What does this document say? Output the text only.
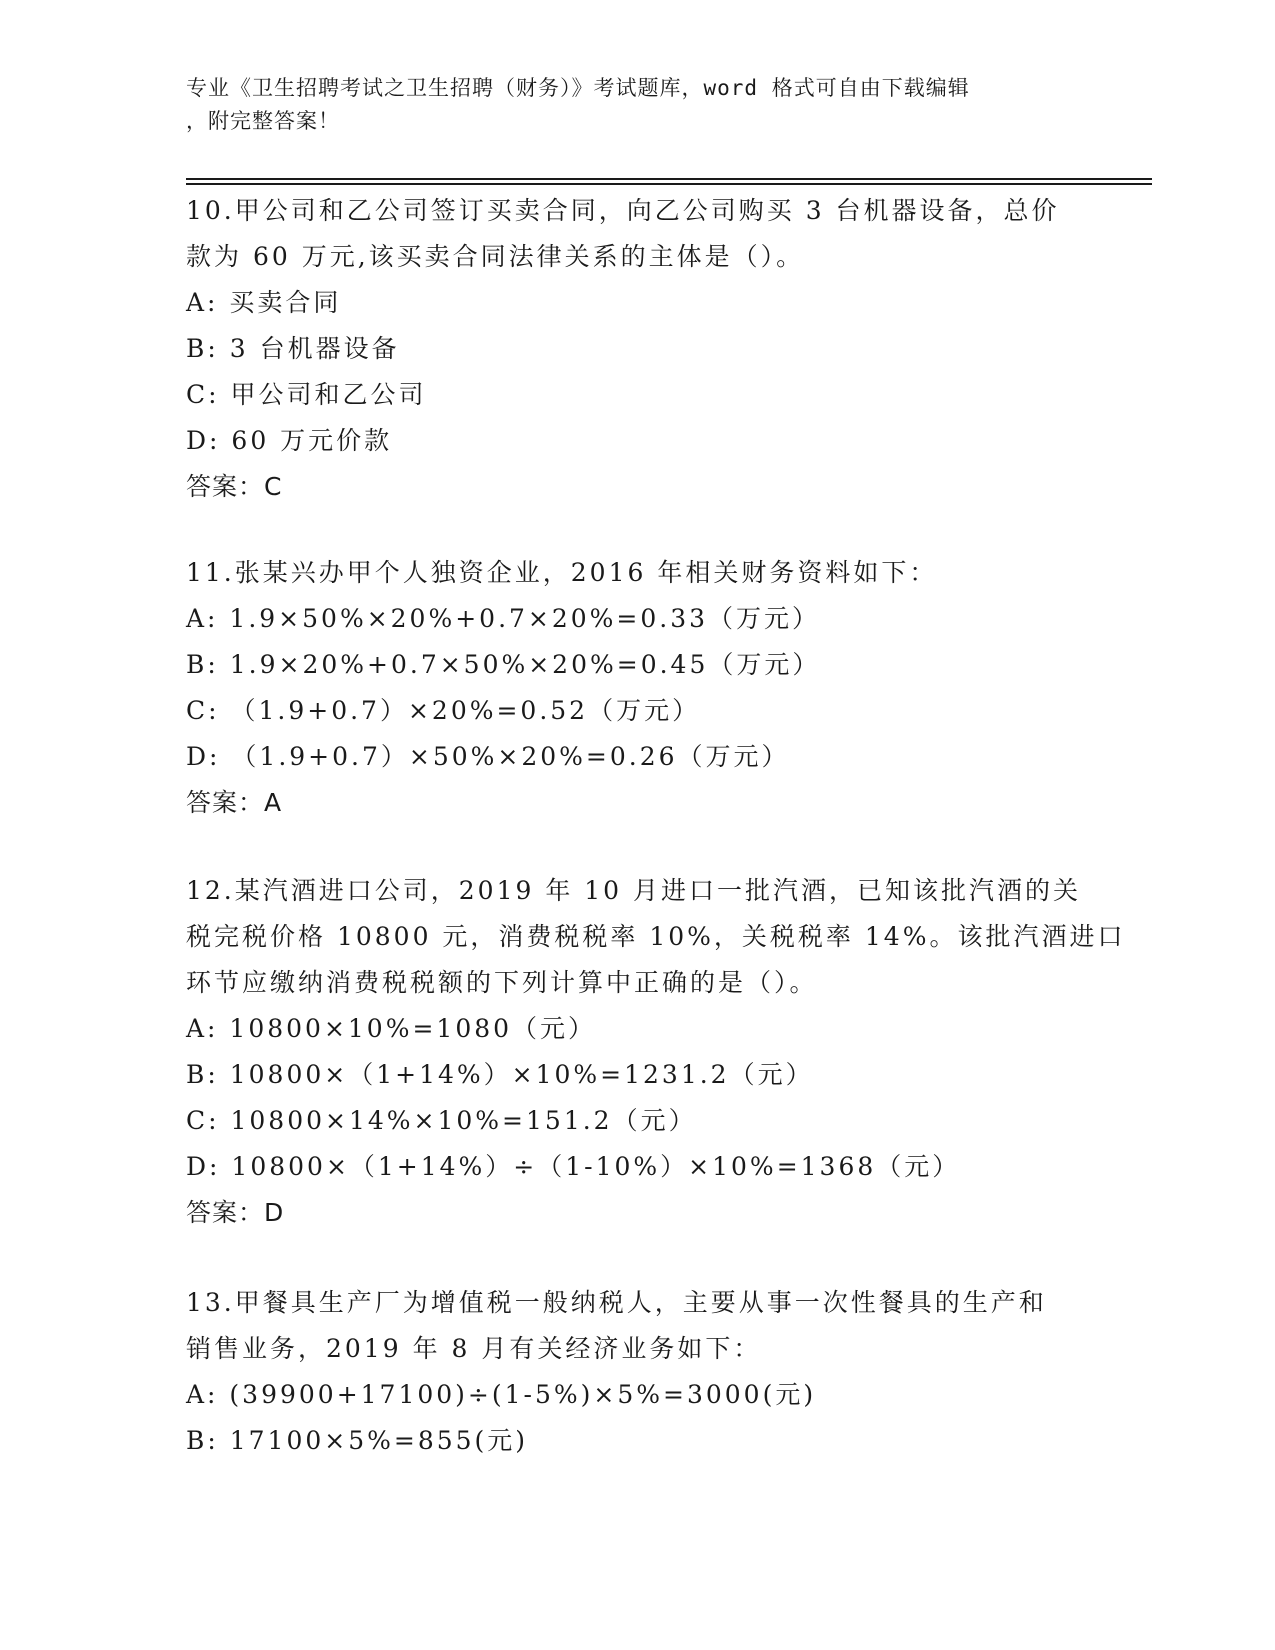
专业《卫生招聘考试之卫生招聘（财务）》考试题库，word 格式可自由下载编辑
，附完整答案！
10.甲公司和乙公司签订买卖合同，向乙公司购买 3 台机器设备，总价
款为 60 万元,该买卖合同法律关系的主体是（）。
A: 买卖合同
B: 3 台机器设备
C: 甲公司和乙公司
D: 60 万元价款
答案：C
11.张某兴办甲个人独资企业，2016 年相关财务资料如下：
A: 1.9×50%×20%+0.7×20%=0.33（万元）
B: 1.9×20%+0.7×50%×20%=0.45（万元）
C: （1.9+0.7）×20%=0.52（万元）
D: （1.9+0.7）×50%×20%=0.26（万元）
答案：A
12.某汽酒进口公司，2019 年 10 月进口一批汽酒，已知该批汽酒的关
税完税价格 10800 元，消费税税率 10%，关税税率 14%。该批汽酒进口
环节应缴纳消费税税额的下列计算中正确的是（）。
A: 10800×10%=1080（元）
B: 10800×（1+14%）×10%=1231.2（元）
C: 10800×14%×10%=151.2（元）
D: 10800×（1+14%）÷（1-10%）×10%=1368（元）
答案：D
13.甲餐具生产厂为增值税一般纳税人，主要从事一次性餐具的生产和
销售业务，2019 年 8 月有关经济业务如下：
A: (39900+17100)÷(1-5%)×5%=3000(元)
B: 17100×5%=855(元)
